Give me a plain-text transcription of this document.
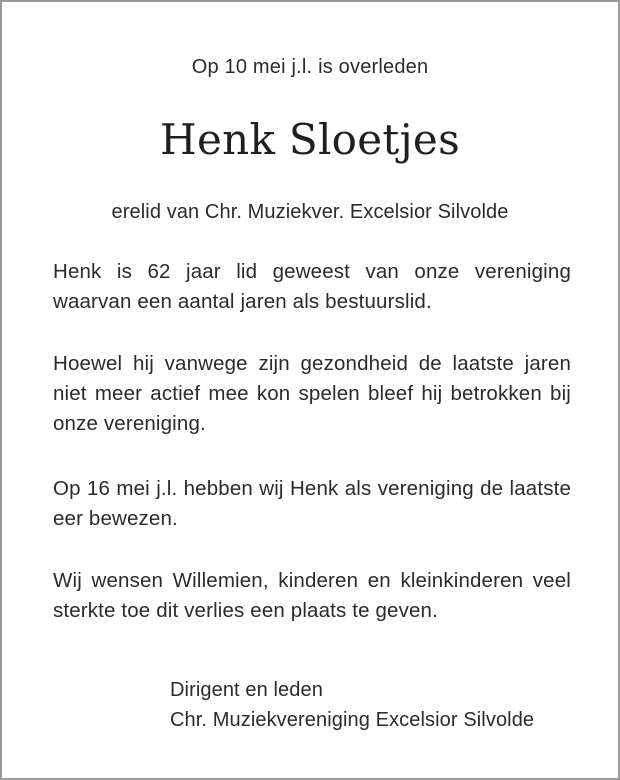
Op 10 mei j.l. is overleden
Henk Sloetjes
erelid van Chr. Muziekver. Excelsior Silvolde
Henk is 62 jaar lid geweest van onze vereniging waarvan een aantal jaren als bestuurslid.
Hoewel hij vanwege zijn gezondheid de laatste jaren niet meer actief mee kon spelen bleef hij betrokken bij onze vereniging.
Op 16 mei j.l. hebben wij Henk als vereniging de laatste eer bewezen.
Wij wensen Willemien, kinderen en kleinkinderen veel sterkte toe dit verlies een plaats te geven.
Dirigent en leden
Chr. Muziekvereniging Excelsior Silvolde
